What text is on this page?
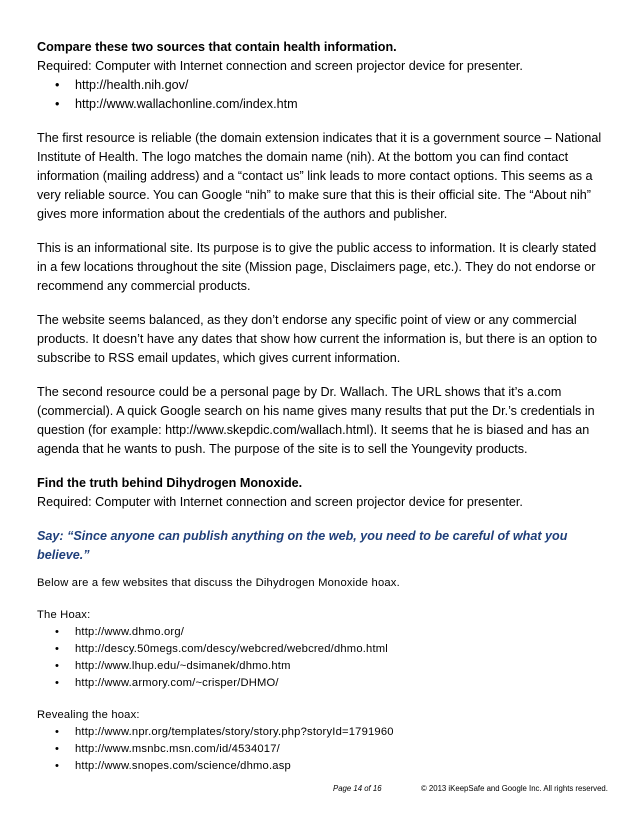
Compare these two sources that contain health information.

Required: Computer with Internet connection and screen projector device for presenter.

• http://health.nih.gov/
• http://www.wallachonline.com/index.htm

The first resource is reliable (the domain extension indicates that it is a government source – National Institute of Health. The logo matches the domain name (nih). At the bottom you can find contact information (mailing address) and a “contact us” link leads to more contact options. This seems as a very reliable source. You can Google “nih” to make sure that this is their official site. The “About nih” gives more information about the credentials of the authors and publisher.

This is an informational site. Its purpose is to give the public access to information. It is clearly stated in a few locations throughout the site (Mission page, Disclaimers page, etc.). They do not endorse or recommend any commercial products.

The website seems balanced, as they don’t endorse any specific point of view or any commercial products. It doesn’t have any dates that show how current the information is, but there is an option to subscribe to RSS email updates, which gives current information.

The second resource could be a personal page by Dr. Wallach. The URL shows that it’s a.com (commercial). A quick Google search on his name gives many results that put the Dr.’s credentials in question (for example: http://www.skepdic.com/wallach.html). It seems that he is biased and has an agenda that he wants to push. The purpose of the site is to sell the Youngevity products.

Find the truth behind Dihydrogen Monoxide.

Required: Computer with Internet connection and screen projector device for presenter.

Say: “Since anyone can publish anything on the web, you need to be careful of what you believe.”

Below are a few websites that discuss the Dihydrogen Monoxide hoax.

The Hoax:

• http://www.dhmo.org/
• http://descy.50megs.com/descy/webcred/webcred/dhmo.html
• http://www.lhup.edu/~dsimanek/dhmo.htm
• http://www.armory.com/~crisper/DHMO/

Revealing the hoax:

• http://www.npr.org/templates/story/story.php?storyId=1791960
• http://www.msnbc.msn.com/id/4534017/
• http://www.snopes.com/science/dhmo.asp
Page 14 of 16	© 2013 iKeepSafe and Google Inc. All rights reserved.
